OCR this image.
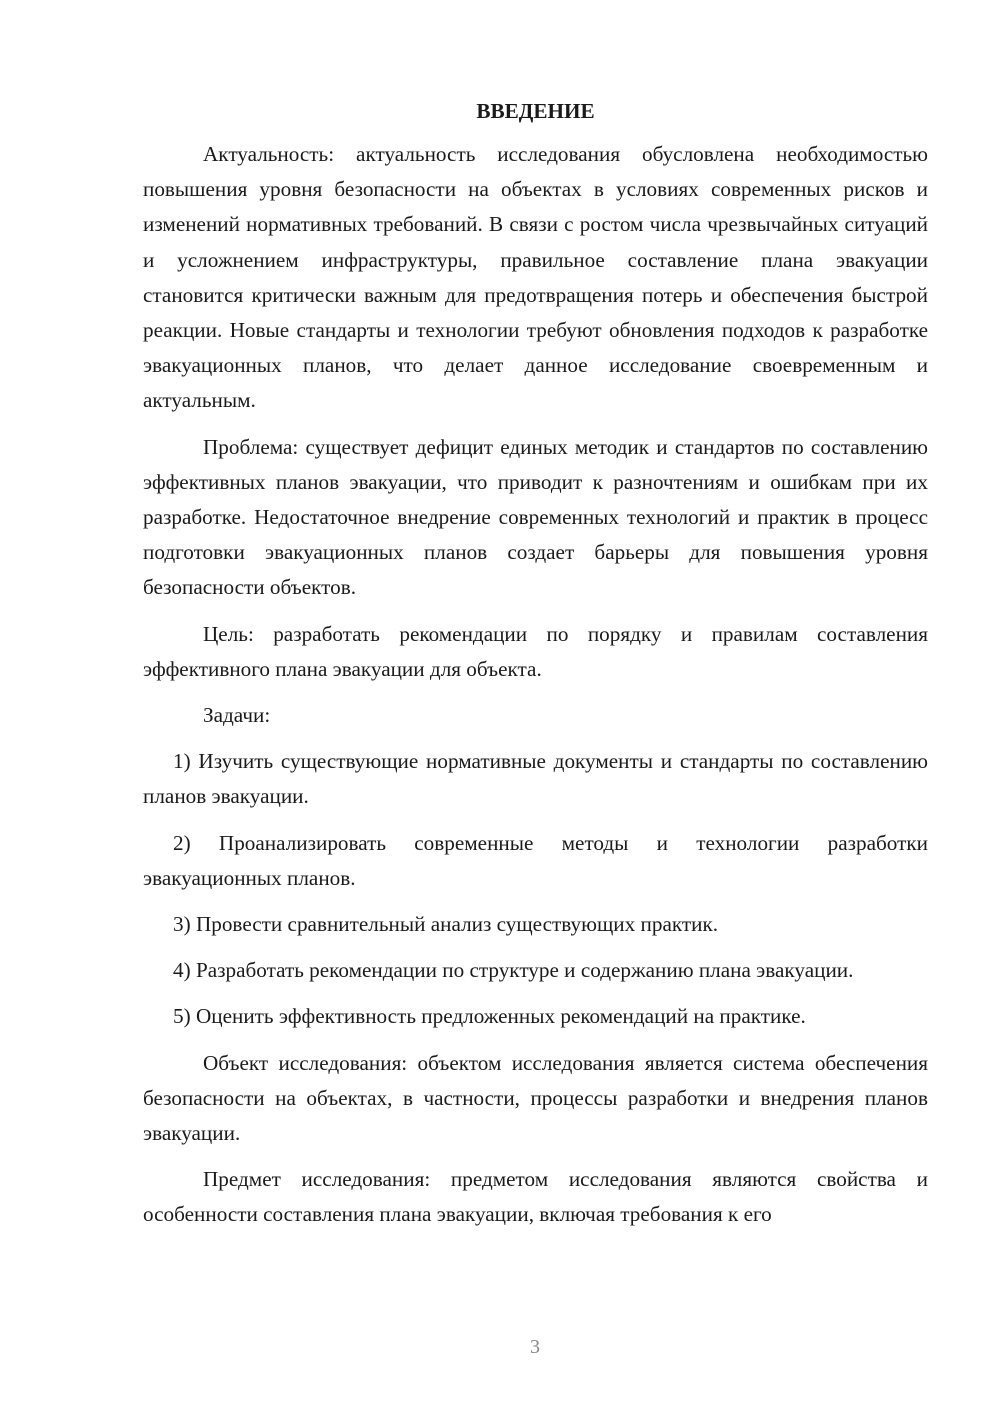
ВВЕДЕНИЕ

Актуальность: актуальность исследования обусловлена необходимостью повышения уровня безопасности на объектах в условиях современных рисков и изменений нормативных требований. В связи с ростом числа чрезвычайных ситуаций и усложнением инфраструктуры, правильное составление плана эвакуации становится критически важным для предотвращения потерь и обеспечения быстрой реакции. Новые стандарты и технологии требуют обновления подходов к разработке эвакуационных планов, что делает данное исследование своевременным и актуальным.

Проблема: существует дефицит единых методик и стандартов по составлению эффективных планов эвакуации, что приводит к разночтениям и ошибкам при их разработке. Недостаточное внедрение современных технологий и практик в процесс подготовки эвакуационных планов создает барьеры для повышения уровня безопасности объектов.

Цель: разработать рекомендации по порядку и правилам составления эффективного плана эвакуации для объекта.

Задачи:

1) Изучить существующие нормативные документы и стандарты по составлению планов эвакуации.

2) Проанализировать современные методы и технологии разработки эвакуационных планов.

3) Провести сравнительный анализ существующих практик.

4) Разработать рекомендации по структуре и содержанию плана эвакуации.

5) Оценить эффективность предложенных рекомендаций на практике.

Объект исследования: объектом исследования является система обеспечения безопасности на объектах, в частности, процессы разработки и внедрения планов эвакуации.

Предмет исследования: предметом исследования являются свойства и особенности составления плана эвакуации, включая требования к его

3
